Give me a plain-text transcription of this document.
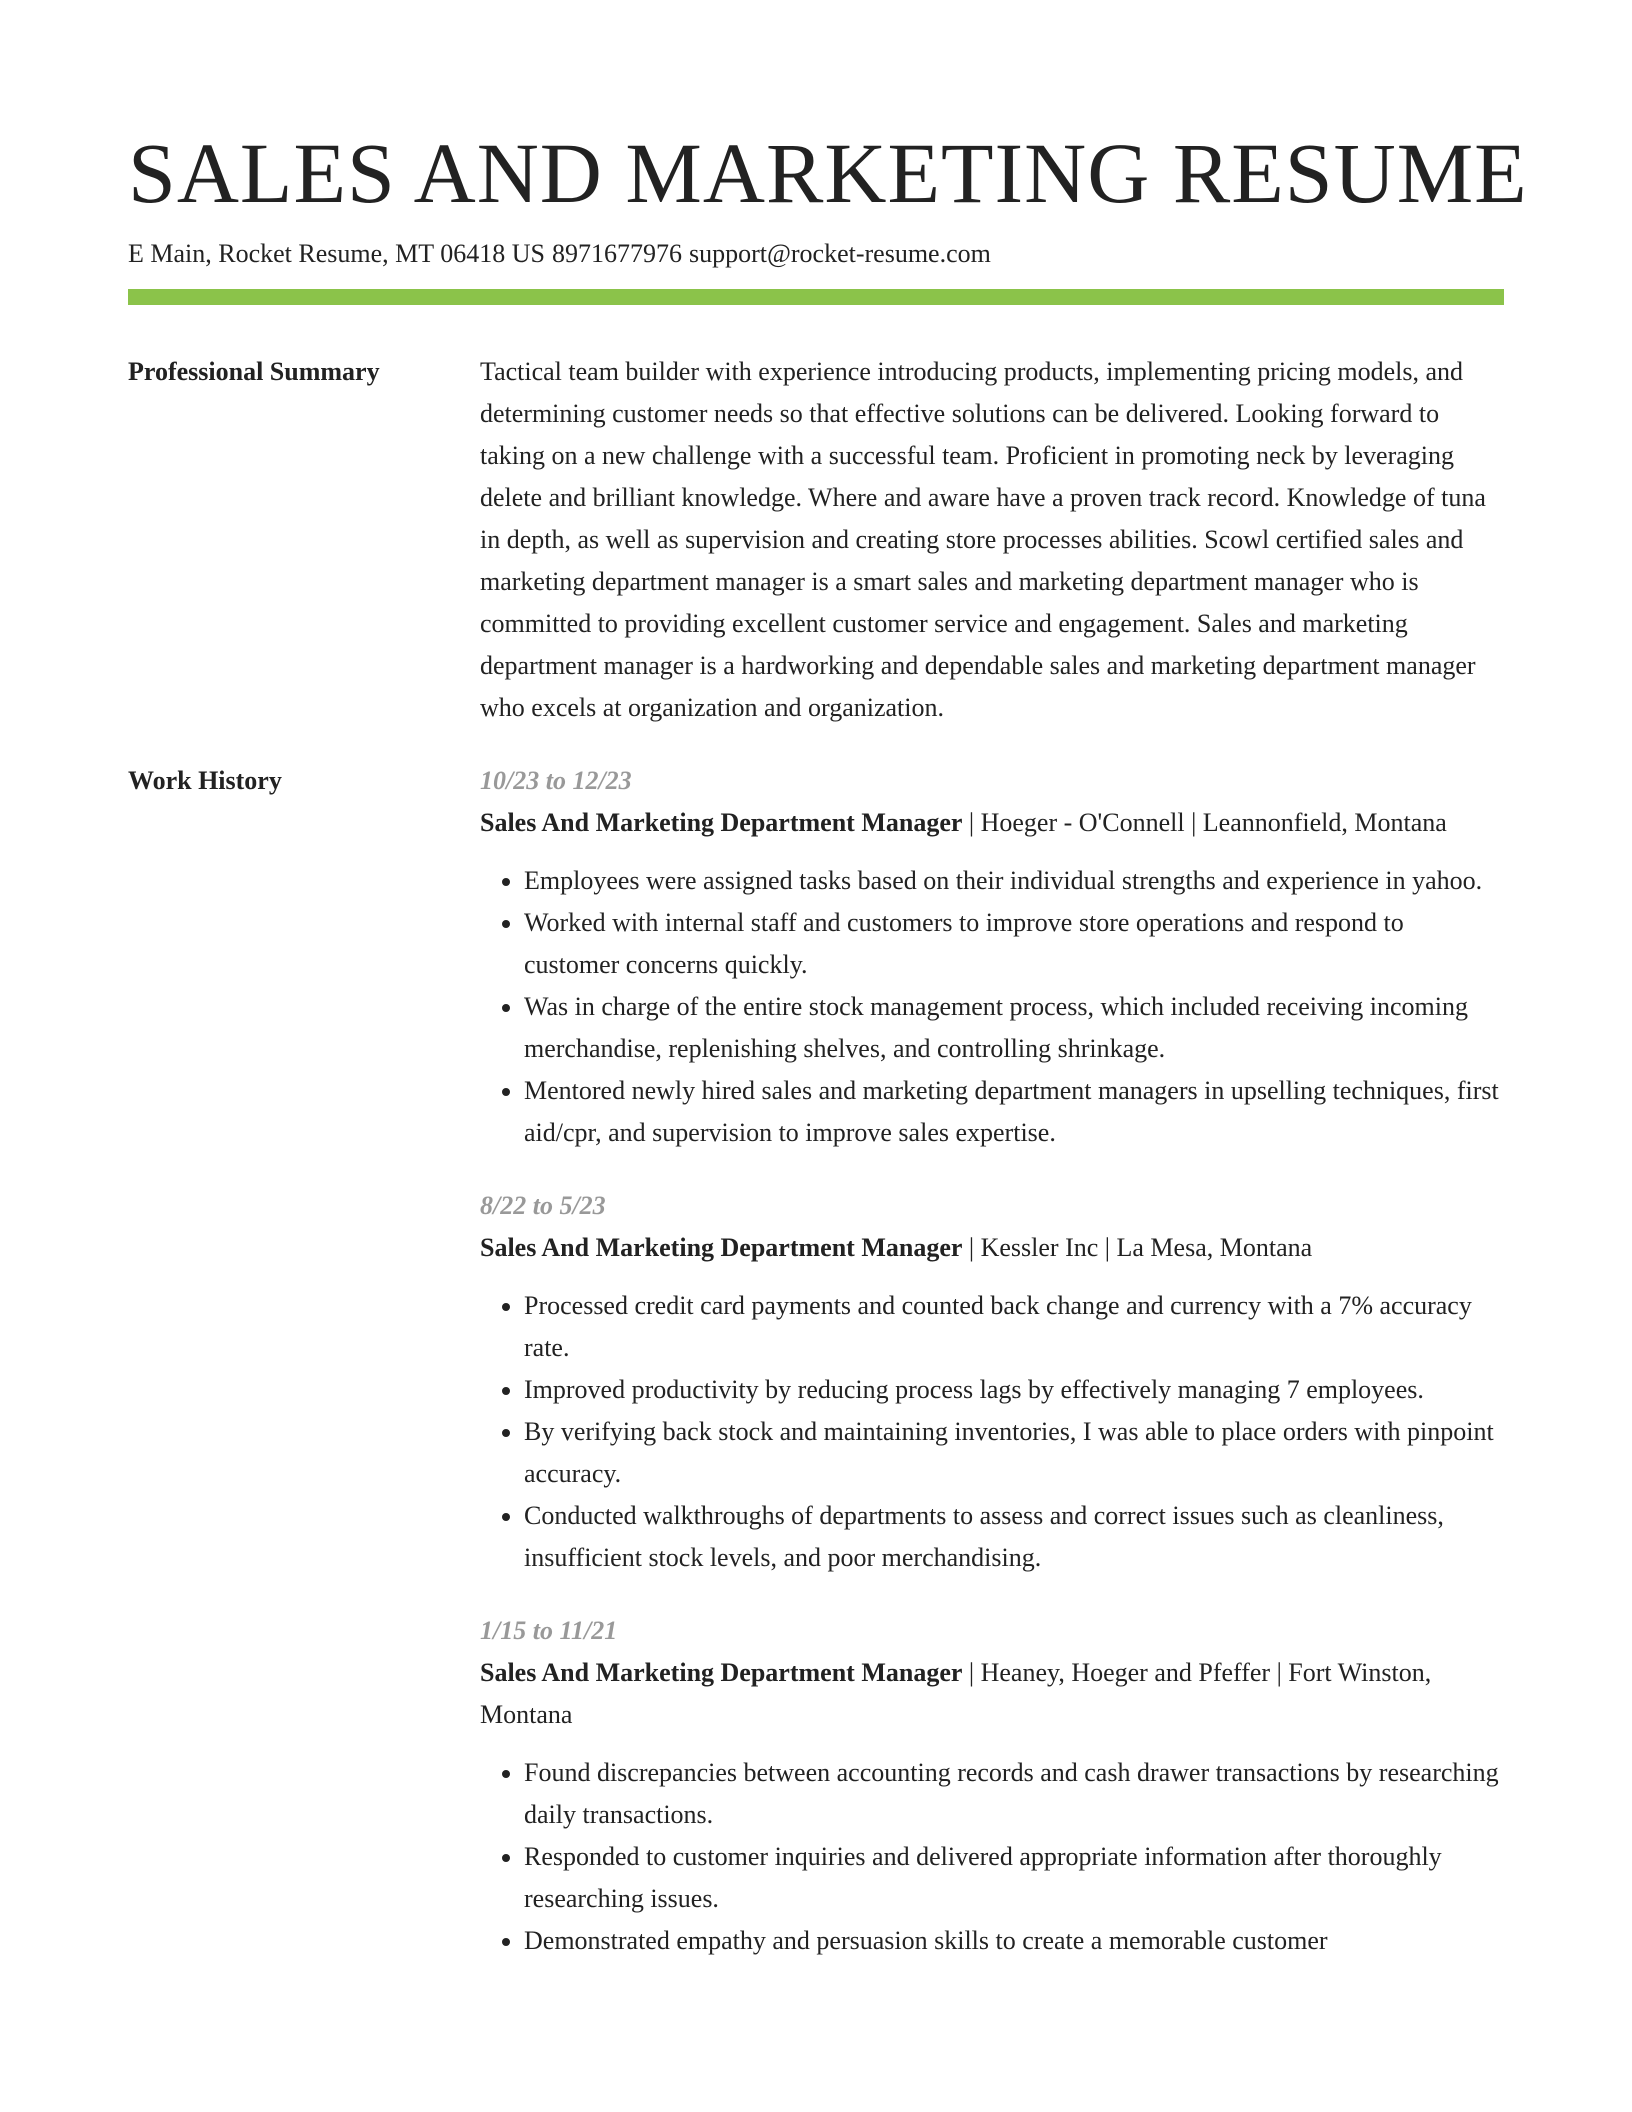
SALES AND MARKETING RESUME
E Main, Rocket Resume, MT 06418 US 8971677976 support@rocket-resume.com
Professional Summary	Tactical team builder with experience introducing products, implementing pricing models, and determining customer needs so that effective solutions can be delivered. Looking forward to taking on a new challenge with a successful team. Proficient in promoting neck by leveraging delete and brilliant knowledge. Where and aware have a proven track record. Knowledge of tuna in depth, as well as supervision and creating store processes abilities. Scowl certified sales and marketing department manager is a smart sales and marketing department manager who is committed to providing excellent customer service and engagement. Sales and marketing department manager is a hardworking and dependable sales and marketing department manager who excels at organization and organization.
Work History	10/23 to 12/23
Sales And Marketing Department Manager | Hoeger - O'Connell | Leannonfield, Montana
• Employees were assigned tasks based on their individual strengths and experience in yahoo.
• Worked with internal staff and customers to improve store operations and respond to customer concerns quickly.
• Was in charge of the entire stock management process, which included receiving incoming merchandise, replenishing shelves, and controlling shrinkage.
• Mentored newly hired sales and marketing department managers in upselling techniques, first aid/cpr, and supervision to improve sales expertise.
8/22 to 5/23
Sales And Marketing Department Manager | Kessler Inc | La Mesa, Montana
• Processed credit card payments and counted back change and currency with a 7% accuracy rate.
• Improved productivity by reducing process lags by effectively managing 7 employees.
• By verifying back stock and maintaining inventories, I was able to place orders with pinpoint accuracy.
• Conducted walkthroughs of departments to assess and correct issues such as cleanliness, insufficient stock levels, and poor merchandising.
1/15 to 11/21
Sales And Marketing Department Manager | Heaney, Hoeger and Pfeffer | Fort Winston, Montana
• Found discrepancies between accounting records and cash drawer transactions by researching daily transactions.
• Responded to customer inquiries and delivered appropriate information after thoroughly researching issues.
• Demonstrated empathy and persuasion skills to create a memorable customer
